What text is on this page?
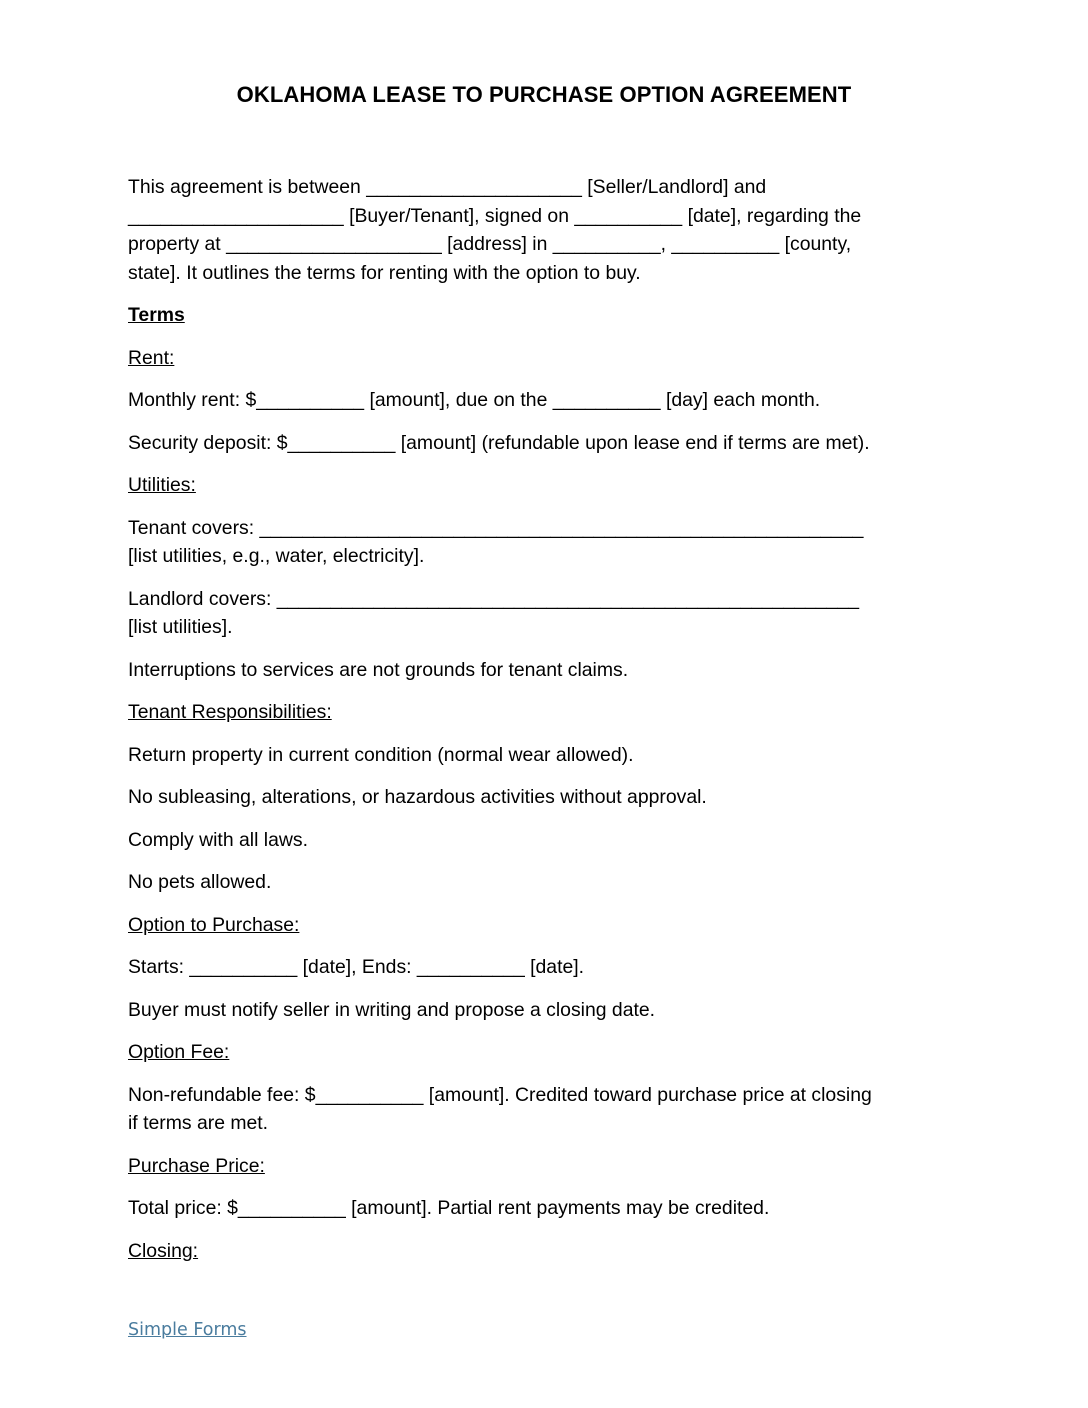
OKLAHOMA LEASE TO PURCHASE OPTION AGREEMENT

This agreement is between ____________________ [Seller/Landlord] and
____________________ [Buyer/Tenant], signed on __________ [date], regarding the
property at ____________________ [address] in __________, __________ [county,
state]. It outlines the terms for renting with the option to buy.

Terms

Rent:

Monthly rent: $__________ [amount], due on the __________ [day] each month.

Security deposit: $__________ [amount] (refundable upon lease end if terms are met).

Utilities:

Tenant covers: ________________________________________________________
[list utilities, e.g., water, electricity].

Landlord covers: ______________________________________________________
[list utilities].

Interruptions to services are not grounds for tenant claims.

Tenant Responsibilities:

Return property in current condition (normal wear allowed).

No subleasing, alterations, or hazardous activities without approval.

Comply with all laws.

No pets allowed.

Option to Purchase:

Starts: __________ [date], Ends: __________ [date].

Buyer must notify seller in writing and propose a closing date.

Option Fee:

Non-refundable fee: $__________ [amount]. Credited toward purchase price at closing
if terms are met.

Purchase Price:

Total price: $__________ [amount]. Partial rent payments may be credited.

Closing:

Simple Forms
